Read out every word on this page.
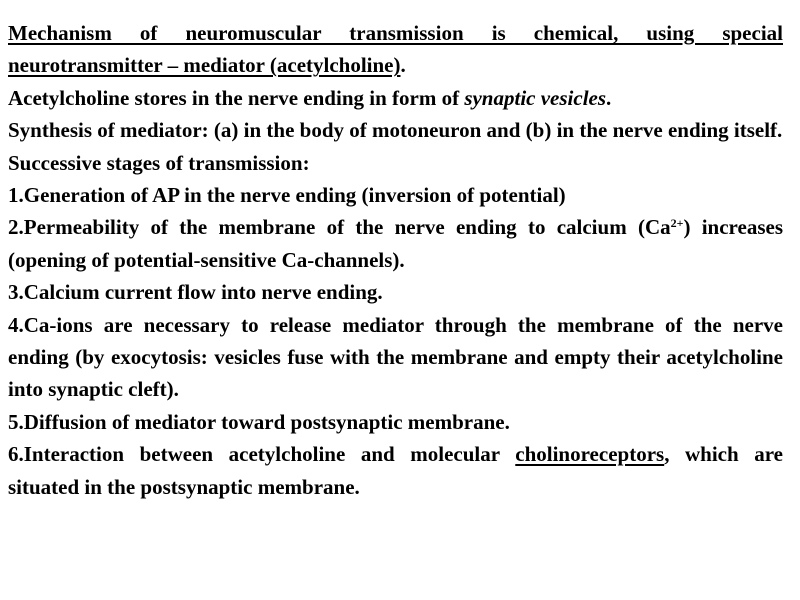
Mechanism of neuromuscular transmission is chemical, using special neurotransmitter – mediator (acetylcholine).

Acetylcholine stores in the nerve ending in form of synaptic vesicles.

Synthesis of mediator: (a) in the body of motoneuron and (b) in the nerve ending itself.

Successive stages of transmission:

1.Generation of AP in the nerve ending (inversion of potential)

2.Permeability of the membrane of the nerve ending to calcium $(Ca^{2+})$ increases (opening of potential-sensitive Ca-channels).

3.Calcium current flow into nerve ending.

4.Ca-ions are necessary to release mediator through the membrane of the nerve ending (by exocytosis: vesicles fuse with the membrane and empty their acetylcholine into synaptic cleft).

5.Diffusion of mediator toward postsynaptic membrane.

6.Interaction between acetylcholine and molecular cholinoreceptors, which are situated in the postsynaptic membrane.
